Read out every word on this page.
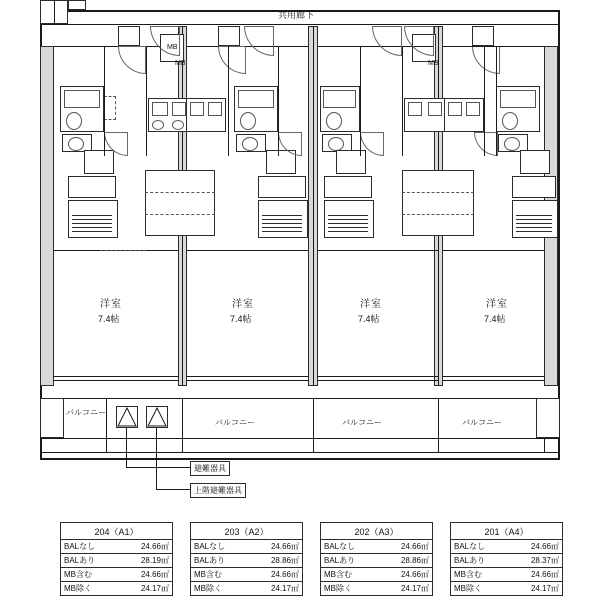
共用廊下
MB
洋室
7.4帖
洋室
7.4帖
MB
洋室
7.4帖
MB
洋室
7.4帖
バルコニー
バルコニー	バルコニー	バルコニー
避難器具
上階避難器具
204（A1）
BALなし	24.66㎡
BALあり	28.19㎡
MB含む	24.66㎡
MB除く	24.17㎡
203（A2）
BALなし	24.66㎡
BALあり	28.86㎡
MB含む	24.66㎡
MB除く	24.17㎡
202（A3）
BALなし	24.66㎡
BALあり	28.86㎡
MB含む	24.66㎡
MB除く	24.17㎡
201（A4）
BALなし	24.66㎡
BALあり	28.37㎡
MB含む	24.66㎡
MB除く	24.17㎡
